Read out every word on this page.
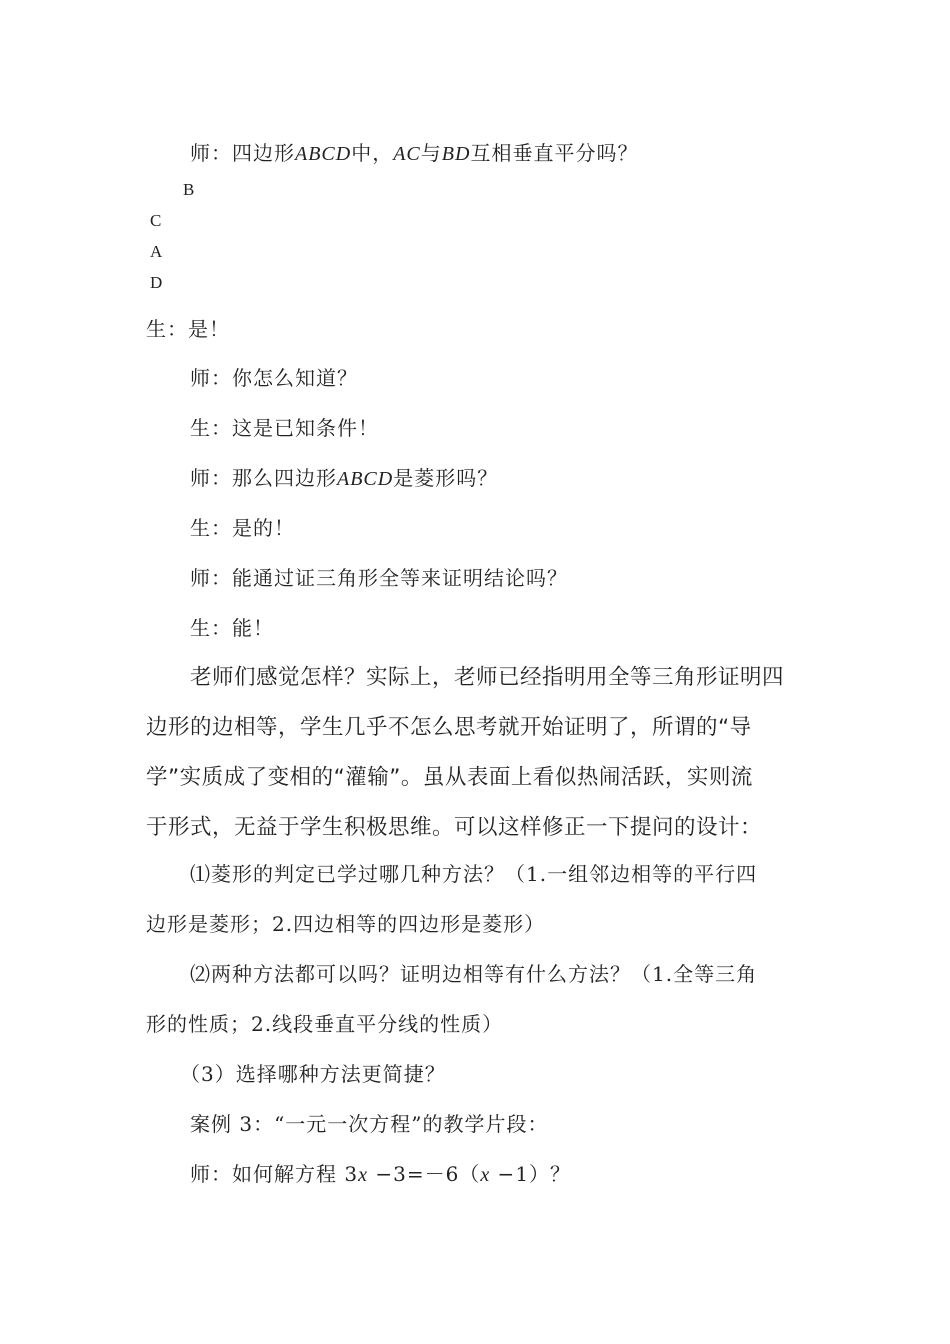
师：四边形ABCD中，AC与BD互相垂直平分吗？
B
C
A
D
生：是！
师：你怎么知道？
生：这是已知条件！
师：那么四边形ABCD是菱形吗？
生：是的！
师：能通过证三角形全等来证明结论吗？
生：能！
老师们感觉怎样？实际上，老师已经指明用全等三角形证明四
边形的边相等，学生几乎不怎么思考就开始证明了，所谓的“导
学”实质成了变相的“灌输”。虽从表面上看似热闹活跃，实则流
于形式，无益于学生积极思维。可以这样修正一下提问的设计：
⑴菱形的判定已学过哪几种方法？（1.一组邻边相等的平行四
边形是菱形；2.四边相等的四边形是菱形）
⑵两种方法都可以吗？证明边相等有什么方法？（1.全等三角
形的性质；2.线段垂直平分线的性质）
（3）选择哪种方法更简捷？
案例 3：“一元一次方程”的教学片段：
师：如何解方程 3x −3=－6（x −1）？
